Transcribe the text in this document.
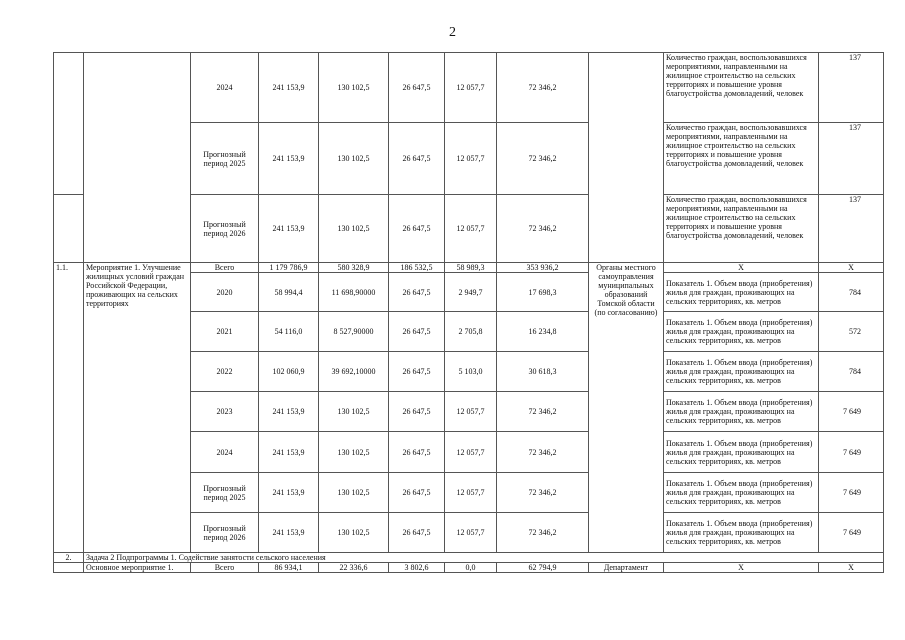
2
		2024	241 153,9	130 102,5	26 647,5	12 057,7	72 346,2		Количество граждан, воспользовавшихся мероприятиями, направленными на жилищное строительство на сельских территориях и повышение уровня благоустройства домовладений, человек	137
		Прогнозный период 2025	241 153,9	130 102,5	26 647,5	12 057,7	72 346,2		Количество граждан, воспользовавшихся мероприятиями, направленными на жилищное строительство на сельских территориях и повышение уровня благоустройства домовладений, человек	137
		Прогнозный период 2026	241 153,9	130 102,5	26 647,5	12 057,7	72 346,2		Количество граждан, воспользовавшихся мероприятиями, направленными на жилищное строительство на сельских территориях и повышение уровня благоустройства домовладений, человек	137
1.1.	Мероприятие 1. Улучшение жилищных условий граждан Российской Федерации, проживающих на сельских территориях	Всего	1 179 786,9	580 328,9	186 532,5	58 989,3	353 936,2	Органы местного самоуправления муниципальных образований Томской области (по согласованию)	Х	Х
		2020	58 994,4	11 698,90000	26 647,5	2 949,7	17 698,3		Показатель 1. Объем ввода (приобретения) жилья для граждан, проживающих на сельских территориях, кв. метров	784
		2021	54 116,0	8 527,90000	26 647,5	2 705,8	16 234,8		Показатель 1. Объем ввода (приобретения) жилья для граждан, проживающих на сельских территориях, кв. метров	572
		2022	102 060,9	39 692,10000	26 647,5	5 103,0	30 618,3		Показатель 1. Объем ввода (приобретения) жилья для граждан, проживающих на сельских территориях, кв. метров	784
		2023	241 153,9	130 102,5	26 647,5	12 057,7	72 346,2		Показатель 1. Объем ввода (приобретения) жилья для граждан, проживающих на сельских территориях, кв. метров	7 649
		2024	241 153,9	130 102,5	26 647,5	12 057,7	72 346,2		Показатель 1. Объем ввода (приобретения) жилья для граждан, проживающих на сельских территориях, кв. метров	7 649
		Прогнозный период 2025	241 153,9	130 102,5	26 647,5	12 057,7	72 346,2		Показатель 1. Объем ввода (приобретения) жилья для граждан, проживающих на сельских территориях, кв. метров	7 649
		Прогнозный период 2026	241 153,9	130 102,5	26 647,5	12 057,7	72 346,2		Показатель 1. Объем ввода (приобретения) жилья для граждан, проживающих на сельских территориях, кв. метров	7 649
2.	Задача 2 Подпрограммы 1. Содействие занятости сельского населения									
	Основное мероприятие 1.	Всего	86 934,1	22 336,6	3 802,6	0,0	62 794,9	Департамент	Х	Х
